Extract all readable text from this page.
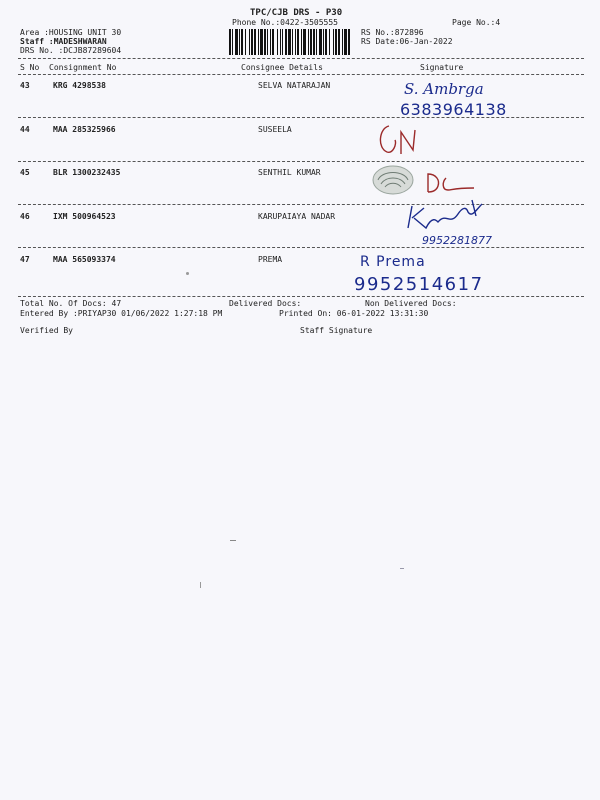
TPC/CJB DRS - P30
Phone No.:0422-3505555
Area :HOUSING UNIT 30
Staff :MADESHWARAN
DRS No. :DCJB87289604
RS No.:872896
RS Date:06-Jan-2022
Page No.:4
S No Consignment No	Consignee Details	Signature
43	KRG 4298538	SELVA NATARAJAN	S. Ambrga
6383964138
44	MAA 285325966	SUSEELA
45	BLR 1300232435	SENTHIL KUMAR
46	IXM 500964523	KARUPAIAYA NADAR
9952281877
47	MAA 565093374	PREMA	R Prema
9952514617
Total No. Of Docs: 47	Delivered Docs:	Non Delivered Docs:
Entered By :PRIYAP30 01/06/2022 1:27:18 PM	Printed On: 06-01-2022 13:31:30
Verified By	Staff Signature
